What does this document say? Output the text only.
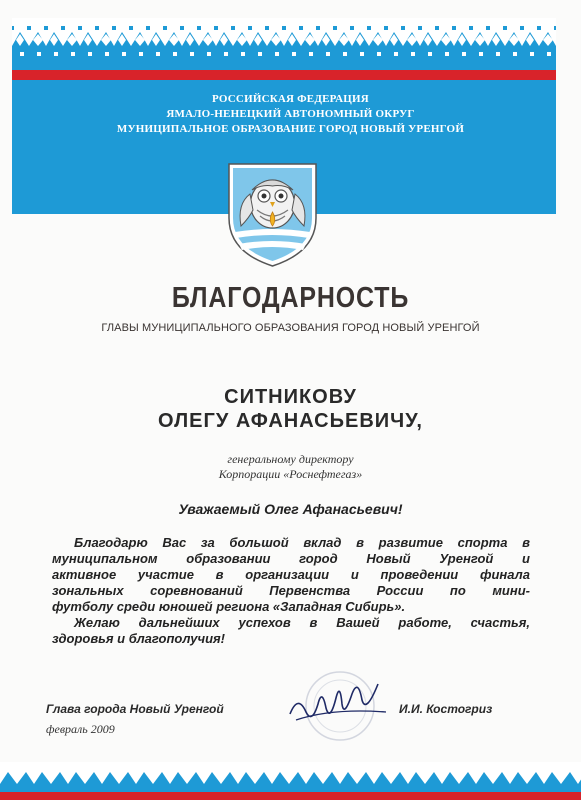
РОССИЙСКАЯ ФЕДЕРАЦИЯ
ЯМАЛО-НЕНЕЦКИЙ АВТОНОМНЫЙ ОКРУГ
МУНИЦИПАЛЬНОЕ ОБРАЗОВАНИЕ ГОРОД НОВЫЙ УРЕНГОЙ
БЛАГОДАРНОСТЬ
ГЛАВЫ МУНИЦИПАЛЬНОГО ОБРАЗОВАНИЯ ГОРОД НОВЫЙ УРЕНГОЙ
СИТНИКОВУ
ОЛЕГУ АФАНАСЬЕВИЧУ,
генеральному директору
Корпорации «Роснефтегаз»
Уважаемый Олег Афанасьевич!
Благодарю Вас за большой вклад в развитие спорта в
муниципальном образовании город Новый Уренгой и
активное участие в организации и проведении финала
зональных соревнований Первенства России по мини-
футболу среди юношей региона «Западная Сибирь».
Желаю дальнейших успехов в Вашей работе, счастья,
здоровья и благополучия!
Глава города Новый Уренгой	И.И. Костогриз
февраль 2009
